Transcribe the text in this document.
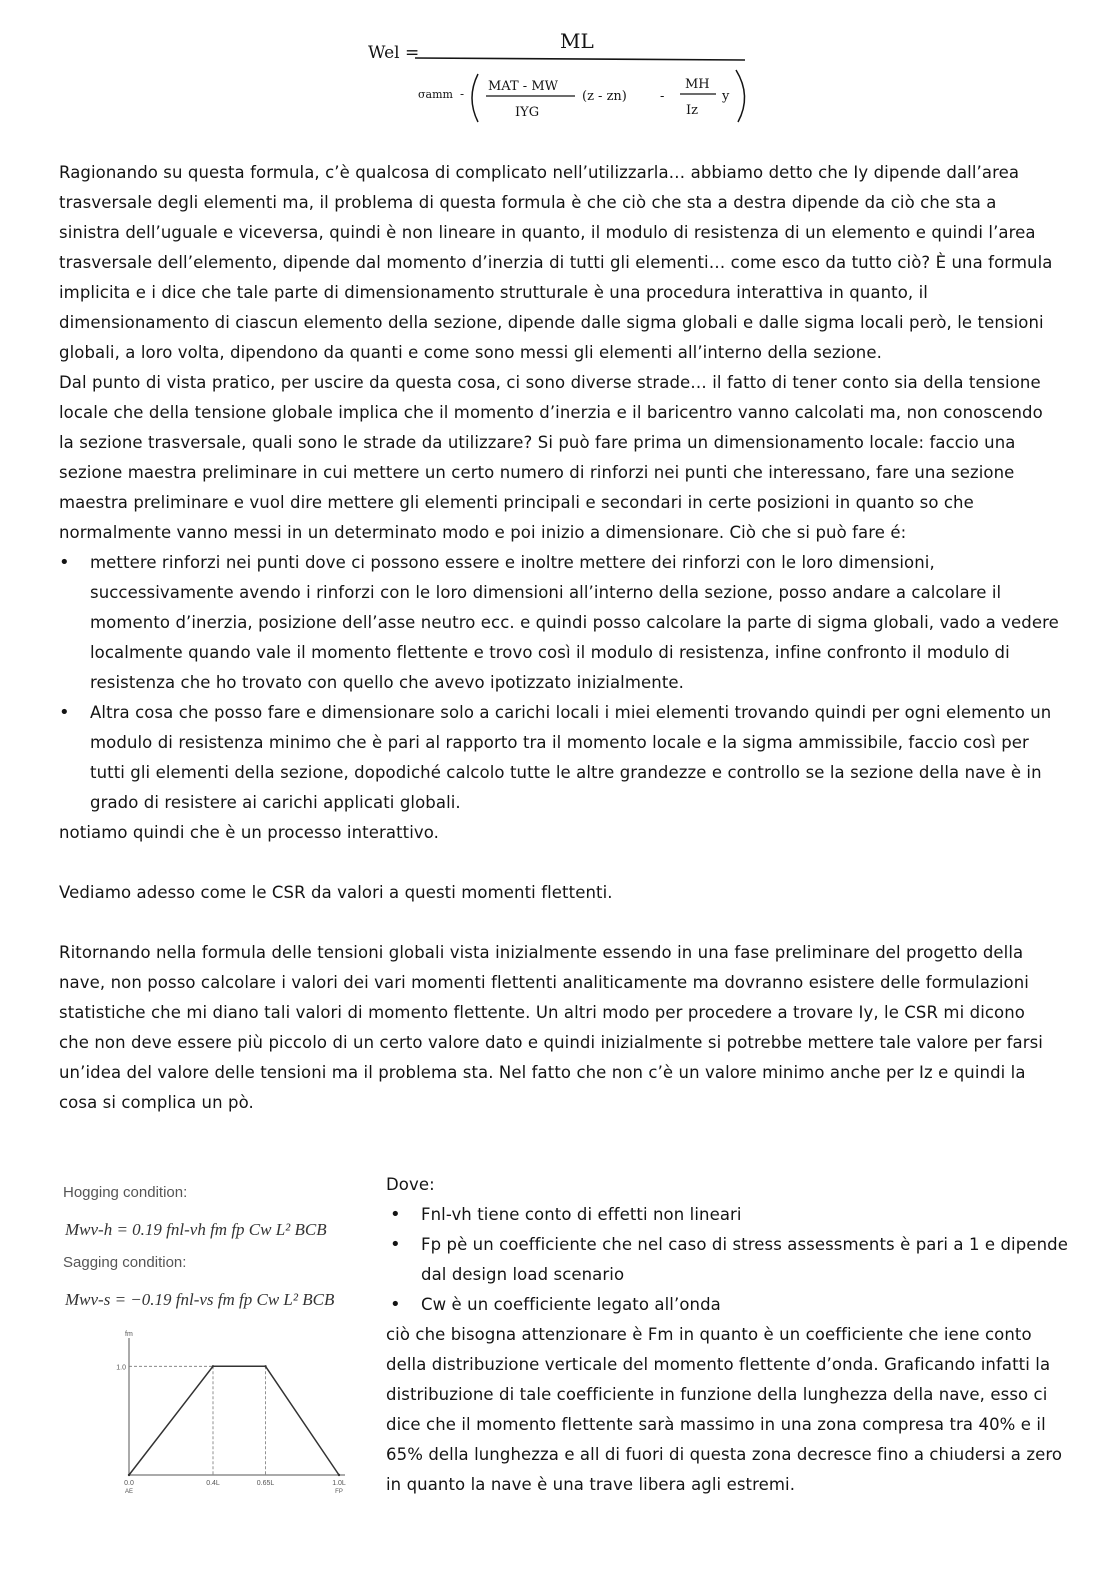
Wel =	ML
σamm - MAT - MW
IYG
(z - zn)	-
MH
Iz
y

Ragionando su questa formula, c’è qualcosa di complicato nell’utilizzarla… abbiamo detto che Iy dipende dall’area trasversale degli elementi ma, il problema di questa formula è che ciò che sta a destra dipende da ciò che sta a sinistra dell’uguale e viceversa, quindi è non lineare in quanto, il modulo di resistenza di un elemento e quindi l’area trasversale dell’elemento, dipende dal momento d’inerzia di tutti gli elementi… come esco da tutto ciò? È una formula implicita e i dice che tale parte di dimensionamento strutturale è una procedura interattiva in quanto, il dimensionamento di ciascun elemento della sezione, dipende dalle sigma globali e dalle sigma locali però, le tensioni globali, a loro volta, dipendono da quanti e come sono messi gli elementi all’interno della sezione.

Dal punto di vista pratico, per uscire da questa cosa, ci sono diverse strade… il fatto di tener conto sia della tensione locale che della tensione globale implica che il momento d’inerzia e il baricentro vanno calcolati ma, non conoscendo la sezione trasversale, quali sono le strade da utilizzare? Si può fare prima un dimensionamento locale: faccio una sezione maestra preliminare in cui mettere un certo numero di rinforzi nei punti che interessano, fare una sezione maestra preliminare e vuol dire mettere gli elementi principali e secondari in certe posizioni in quanto so che normalmente vanno messi in un determinato modo e poi inizio a dimensionare. Ciò che si può fare é:

• mettere rinforzi nei punti dove ci possono essere e inoltre mettere dei rinforzi con le loro dimensioni, successivamente avendo i rinforzi con le loro dimensioni all’interno della sezione, posso andare a calcolare il momento d’inerzia, posizione dell’asse neutro ecc. e quindi posso calcolare la parte di sigma globali, vado a vedere localmente quando vale il momento flettente e trovo così il modulo di resistenza, infine confronto il modulo di resistenza che ho trovato con quello che avevo ipotizzato inizialmente.
• Altra cosa che posso fare e dimensionare solo a carichi locali i miei elementi trovando quindi per ogni elemento un modulo di resistenza minimo che è pari al rapporto tra il momento locale e la sigma ammissibile, faccio così per tutti gli elementi della sezione, dopodiché calcolo tutte le altre grandezze e controllo se la sezione della nave è in grado di resistere ai carichi applicati globali.

notiamo quindi che è un processo interattivo.

Vediamo adesso come le CSR da valori a questi momenti flettenti.

Ritornando nella formula delle tensioni globali vista inizialmente essendo in una fase preliminare del progetto della nave, non posso calcolare i valori dei vari momenti flettenti analiticamente ma dovranno esistere delle formulazioni statistiche che mi diano tali valori di momento flettente. Un altri modo per procedere a trovare Iy, le CSR mi dicono che non deve essere più piccolo di un certo valore dato e quindi inizialmente si potrebbe mettere tale valore per farsi un’idea del valore delle tensioni ma il problema sta. Nel fatto che non c’è un valore minimo anche per Iz e quindi la cosa si complica un pò.

Hogging condition:
Mwv-h = 0.19 fnl-vh fm fp Cw L² BCB
Sagging condition:
Mwv-s = −0.19 fnl-vs fm fp Cw L² BCB
fm
1.0
0.0
AE
0.4L	0.65L	1.0L
FP

Dove:

• Fnl-vh tiene conto di effetti non lineari
• Fp pè un coefficiente che nel caso di stress assessments è pari a 1 e dipende dal design load scenario
• Cw è un coefficiente legato all’onda

ciò che bisogna attenzionare è Fm in quanto è un coefficiente che iene conto della distribuzione verticale del momento flettente d’onda. Graficando infatti la distribuzione di tale coefficiente in funzione della lunghezza della nave, esso ci dice che il momento flettente sarà massimo in una zona compresa tra 40% e il 65% della lunghezza e all di fuori di questa zona decresce fino a chiudersi a zero in quanto la nave è una trave libera agli estremi.
